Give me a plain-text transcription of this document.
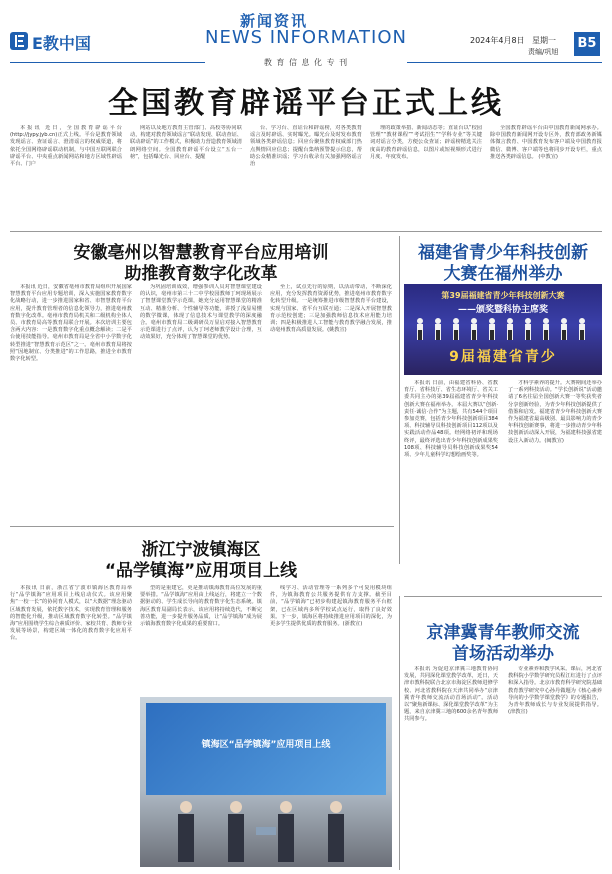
E教中国
新闻资讯
NEWS INFORMATION	2024年4月8日 星期一
责编/巩旭
B5
教 育 信 息 化 专 刊
全国教育辟谣平台正式上线

本报讯 近日，全国教育辟谣平台(http://jypy.jyb.cn)正式上线。平台是教育领域发现谣言、查证谣言、澄清谣言的权威渠道，将依托全国网络辟谣联动机制，与中国互联网联合辟谣平台、中央重点新闻网站和地方区域性辟谣平台、门户

网站以及地方教育主管部门、高校等协同联动，构建对教育领域谣言“联动发现、联动查证、联动辟谣”的工作模式，积极助力营造教育领域清朗网络空间。全国教育辟谣平台设立“五台一榜”，包括曝光台、回应台、提醒

台、学习台、直证台和辟谣榜，对各类教育谣言及时辟谣、实时曝光。曝光台及时发布教育领域各类辟谣信息；回应台聚焦教育权威部门热点舆情回应信息；提醒台集纳预警提示信息，帮助公众精准识谣；学习台收录有关加强网络谣言治

理的政策举措、新闻动态等；直证台以“校园管理”“教材课程”“考试招生”“学科专业”等关键词对谣言分类，方便公众查证；辟谣榜精选关注度高的教育辟谣信息，以图片或短视频形式进行月度、年度发布。

全国教育辟谣平台由中国教育新闻网承办。除中国教育新闻网开设专区外，教育部政务新媒体微言教育、中国教育发布客户端及中国教育报微信、微博、客户端等也将同步开设专栏，重点推送各类辟谣信息。 (中教宣)

安徽亳州以智慧教育平台应用培训
助推教育数字化改革

本报讯 近日，安徽省亳州市教育局组织开展国家智慧教育平台应用专题培训，深入实施国家教育数字化战略行动，进一步推进国家和省、市智慧教育平台应用，提升教育管理者的信息化领导力，推进亳州教育数字化改革。亳州市教育局机关和二级机构全体人员、市教育局高等教育局联合开展。本次培训主要包含两大内容：一是教育数字化重点概念解读；二是平台使用技能指导。亳州市教育局是全省中小学数字化转型推进“智慧教育示范区”之一。亳州市教育局将按照“因地制宜、分类推进”的工作思路，推进全市教育数字化转型。

为巩固培训成效，增强参训人员对智慧课堂建设的认识，亳州市第三十二中学校园教师丁珂现场展示了智慧课堂教学示范课，她充分运用智慧课堂的精准互动、精准分析、个性辅导等功能，讲授了浅显易懂的数学微课，体现了信息技术与课堂教学的深度融合。亳州市教育局二级调研员万显启对接入智慧教育示范课进行了点评，认为丁珂老师教学设计合理，互动效果好，充分体现了智慧课堂的优势。

至上，试点先行的原则，以活动带动，不断深化应用，充分发挥教育资源优势，推进亳州市教育数字化转型升级。一是统筹推进市级智慧教育平台建设，实现与国家、省平台互联互通；二是深入开展智慧教育示范校创建；三是加强教师信息技术应用能力培训；四是积极推进人工智能与教育教学融合发展，推动亳州教育高质量发展。(姚教宣)

福建省青少年科技创新
大赛在福州举办
第39届福建省青少年科技创新大赛
——颁奖暨科协主席奖
9届福建省青少

本报讯 日前，由福建省科协、省教育厅、省科技厅、省生态环境厅、省关工委共同主办的第39届福建省青少年科技创新大赛在福州举办。本届大赛以“创新·责任·诚信·合作”为主题，共有544个项目参加竞赛，包括青少年科技创新项目384项、科技辅导员科技创新项目112项以及实践活动作品48项。经网络初评和现场终评，最终评选出青少年科技创新成果奖108项、科技辅导员科技创新成果奖54项、少年儿童科学幻想绘画奖等。

才科学素养的提升。大赛期间还举办了一系列科技活动。“学长创新说”活动邀请了6名往届全国创新大赛一等奖获奖者分享创新经验，为青少年科技创新提供了借鉴和启发。福建省青少年科技创新大赛作为福建省最高级别、最具影响力的青少年科技创新赛事，将进一步推动青少年科技创新活动深入开展，为福建科技强省建设注入新动力。(闽教宣)

浙江宁波镇海区
“品学镇海”应用项目上线

本报讯 日前，浙江省宁波市镇海区教育局举行“品学镇海”应用项目上线启动仪式。该应用聚焦“一校一长”的协同育人模式，以“大数据”理念驱动区域教育发展，依托数字技术，实现教育管理和服务的智能化升级，推动区域教育数字化转型。“品学镇海”应用围绕学生综合素质评价、家校共育、教师专业发展等场景，构建区域一体化的教育数字化应用平台。

型的是重建它，更是推动镇海教育高位发展的重要举措。“品学镇海”应用由上线运行，将建立一个数据驱动的、学生成长导向的教育数字化生态系统。镇海区教育局副局长表示，该应用将持续迭代，不断完善功能，进一步提升服务品质，让“品学镇海”成为展示镇海教育数字化成果的重要窗口。

线学习、活动管理等一系列多个可复用模块组件，为镇海教育公共服务提供有力支撑。截至目前，“品学镇海”已初步构建起镇海教育服务平台框架，已在区域内多所学校试点运行，取得了良好效果。下一步，镇海区将持续推进应用项目的深化，为更多学生提供优质的教育服务。(浙教宣)

镇海区“品学镇海”应用项目上线
京津冀青年教师交流
首场活动举办

本报讯 为促进京津冀三地教育协同发展，共同深化课堂教学改革，近日，天津市教科院联合北京市海淀区教师进修学校、河北省教科院在天津共同举办“京津冀青年教师交流活动首场活动”。活动以“聚焦新课标、深化课堂教学改革”为主题，来自京津冀三地的600余名青年教师共同参与。

专业素养和教学风采。课后，河北省教科院小学数学研究员程江红进行了点评和深入指导。北京市教育科学研究院基础教育教学研究中心孙丹做题为《核心素养导向的小学数学课堂教学》的专题报告，为青年教师成长与专业发展提供指导。(津教宣)
